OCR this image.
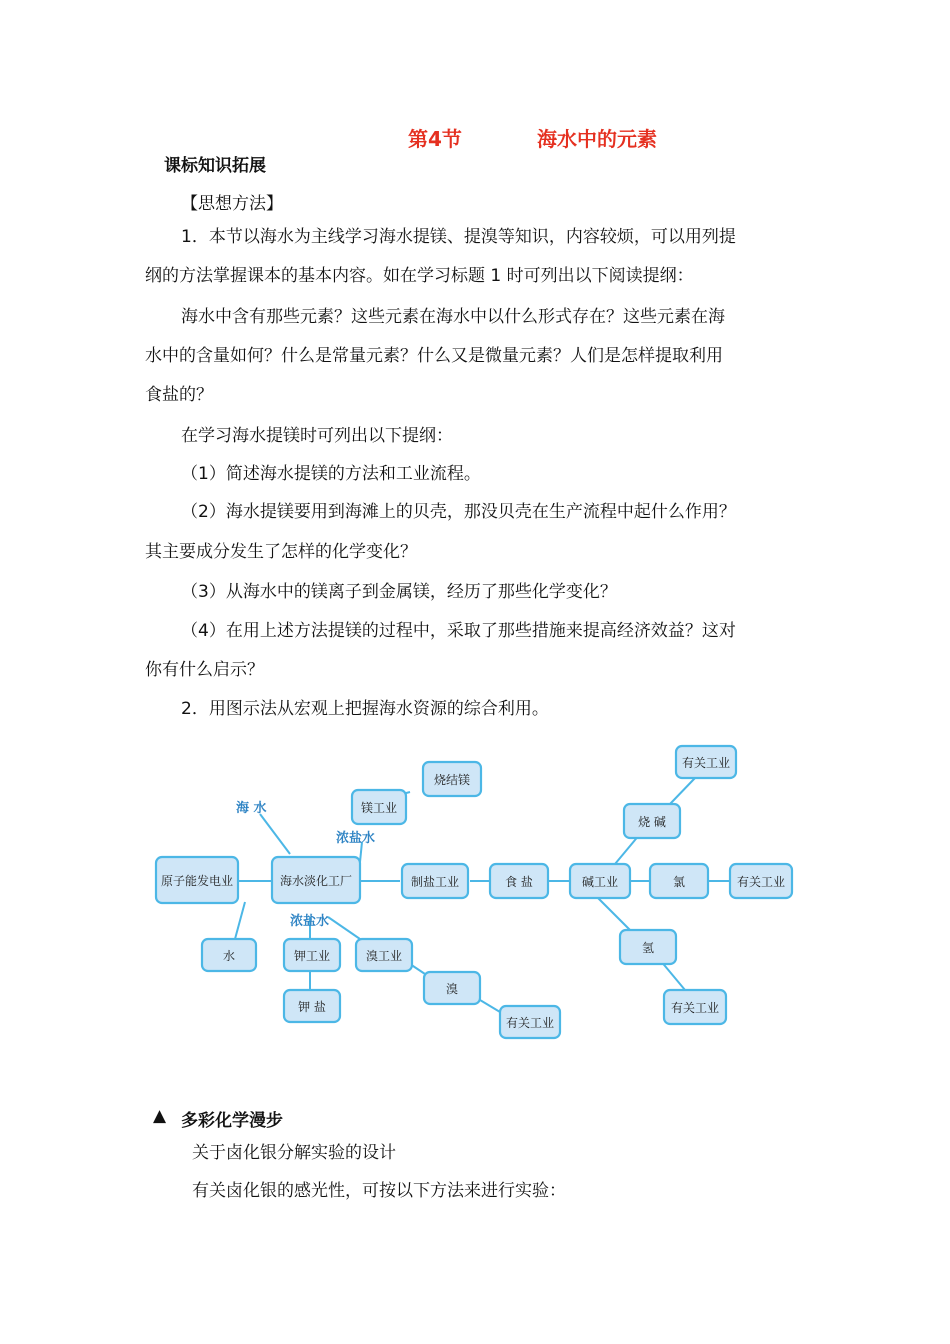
第4节	海水中的元素
课标知识拓展
【思想方法】
1．本节以海水为主线学习海水提镁、提溴等知识，内容较烦，可以用列提
纲的方法掌握课本的基本内容。如在学习标题 1 时可列出以下阅读提纲：
海水中含有那些元素？这些元素在海水中以什么形式存在？这些元素在海
水中的含量如何？什么是常量元素？什么又是微量元素？人们是怎样提取利用
食盐的？
在学习海水提镁时可列出以下提纲：
（1）简述海水提镁的方法和工业流程。
（2）海水提镁要用到海滩上的贝壳，那没贝壳在生产流程中起什么作用？
其主要成分发生了怎样的化学变化？
（3）从海水中的镁离子到金属镁，经历了那些化学变化？
（4）在用上述方法提镁的过程中，采取了那些措施来提高经济效益？这对
你有什么启示？
2．用图示法从宏观上把握海水资源的综合利用。
海 水
浓盐水
浓盐水
原子能发电业	海水淡化工厂
镁工业
烧结镁
制盐工业	食 盐	碱工业
烧 碱
有关工业
氯	有关工业
氢
有关工业
水	钾工业
钾 盐
溴工业
溴
有关工业
▲ 多彩化学漫步
关于卤化银分解实验的设计
有关卤化银的感光性，可按以下方法来进行实验：
